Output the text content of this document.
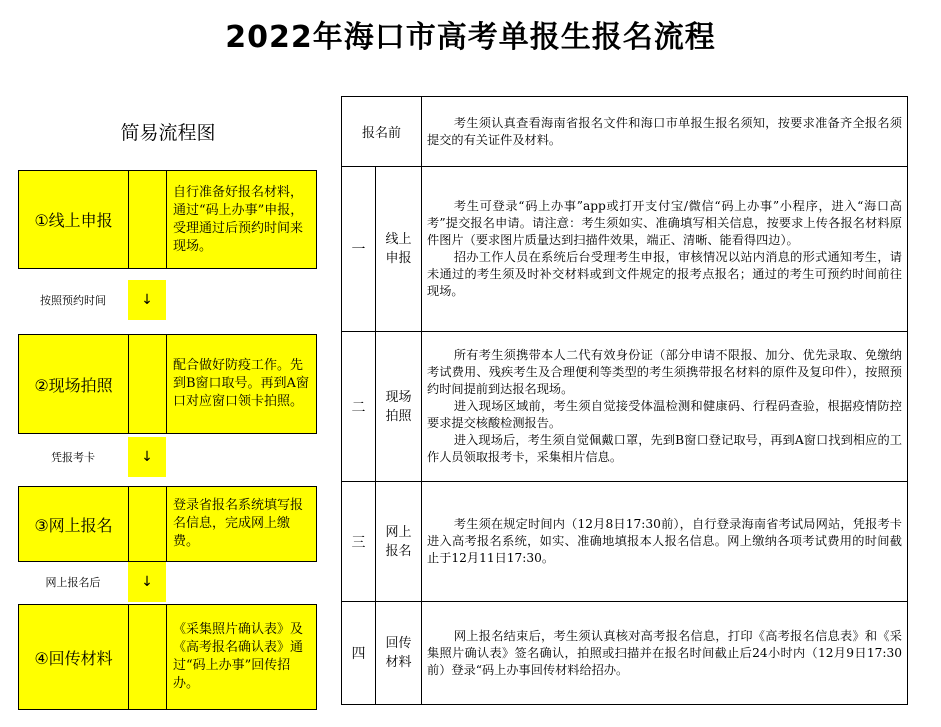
2022年海口市高考单报生报名流程
简易流程图
①线上申报
自行准备好报名材料，通过“码上办事”申报，受理通过后预约时间来现场。
按照预约时间	↓
②现场拍照
配合做好防疫工作。先到B窗口取号。再到A窗口对应窗口领卡拍照。
凭报考卡	↓
③网上报名
登录省报名系统填写报名信息，完成网上缴费。
网上报名后	↓
④回传材料
《采集照片确认表》及《高考报名确认表》通过“码上办事”回传招办。
报名前		考生须认真查看海南省报名文件和海口市单报生报名须知，按要求准备齐全报名须提交的有关证件及材料。

一	线上申报	考生可登录“码上办事”app或打开支付宝/微信“码上办事”小程序，进入“海口高考”提交报名申请。请注意：考生须如实、准确填写相关信息，按要求上传各报名材料原件图片（要求图片质量达到扫描件效果，端正、清晰、能看得四边）。

招办工作人员在系统后台受理考生申报，审核情况以站内消息的形式通知考生，请未通过的考生须及时补交材料或到文件规定的报考点报名；通过的考生可预约时间前往现场。

二	现场拍照	所有考生须携带本人二代有效身份证（部分申请不限报、加分、优先录取、免缴纳考试费用、残疾考生及合理便利等类型的考生须携带报名材料的原件及复印件），按照预约时间提前到达报名现场。

进入现场区域前，考生须自觉接受体温检测和健康码、行程码查验，根据疫情防控要求提交核酸检测报告。

进入现场后，考生须自觉佩戴口罩，先到B窗口登记取号，再到A窗口找到相应的工作人员领取报考卡，采集相片信息。

三	网上报名	考生须在规定时间内（12月8日17:30前），自行登录海南省考试局网站，凭报考卡进入高考报名系统，如实、准确地填报本人报名信息。网上缴纳各项考试费用的时间截止于12月11日17:30。

四	回传材料	网上报名结束后，考生须认真核对高考报名信息，打印《高考报名信息表》和《采集照片确认表》签名确认，拍照或扫描并在报名时间截止后24小时内（12月9日17:30前）登录“码上办事回传材料给招办。
